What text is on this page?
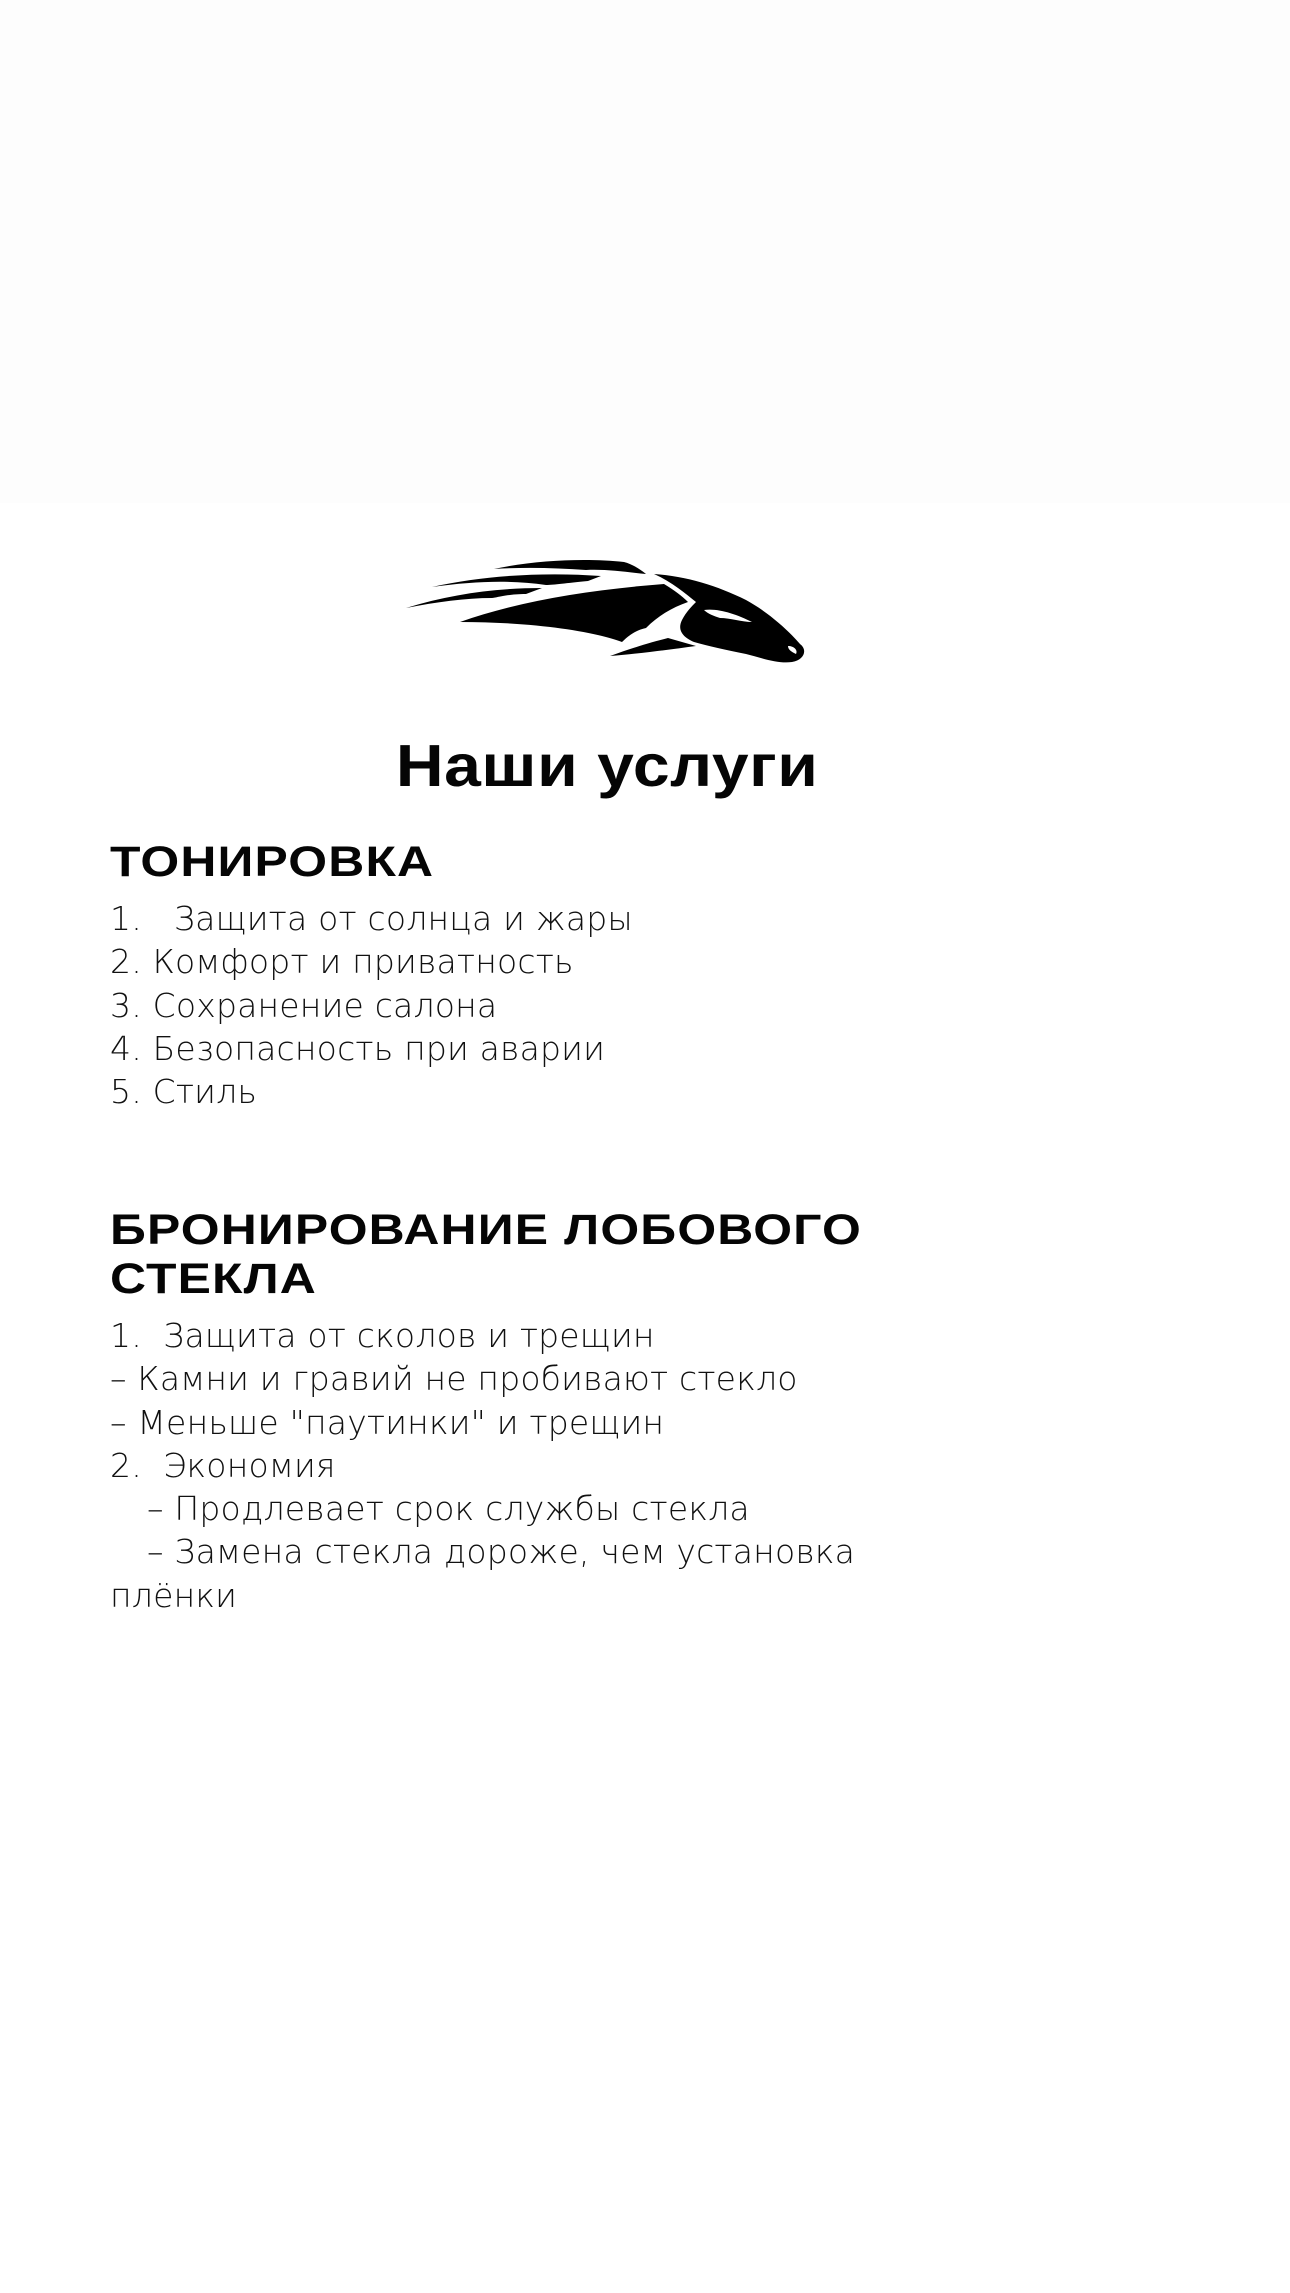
Наши услуги
ТОНИРОВКА
1. Защита от солнца и жары
2. Комфорт и приватность
3. Сохранение салона
4. Безопасность при аварии
5. Стиль
БРОНИРОВАНИЕ ЛОБОВОГО
СТЕКЛА
1.  Защита от сколов и трещин
– Камни и гравий не пробивают стекло
– Меньше "паутинки" и трещин
2.  Экономия
– Продлевает срок службы стекла
– Замена стекла дороже, чем установка
плёнки
